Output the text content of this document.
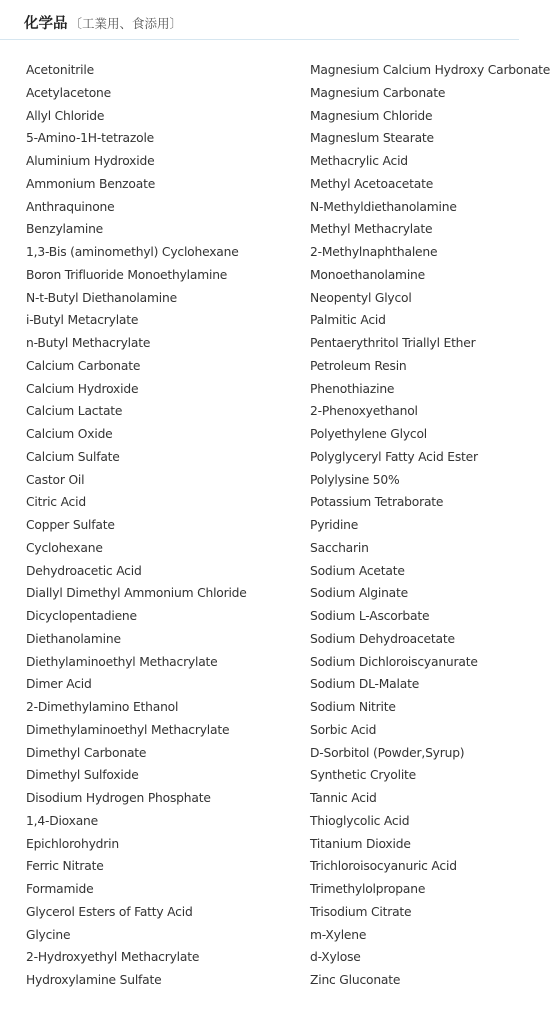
化学品 〔工業用、食添用〕
Acetonitrile
Acetylacetone
Allyl Chloride
5-Amino-1H-tetrazole
Aluminium Hydroxide
Ammonium Benzoate
Anthraquinone
Benzylamine
1,3-Bis (aminomethyl) Cyclohexane
Boron Trifluoride Monoethylamine
N-t-Butyl Diethanolamine
i-Butyl Metacrylate
n-Butyl Methacrylate
Calcium Carbonate
Calcium Hydroxide
Calcium Lactate
Calcium Oxide
Calcium Sulfate
Castor Oil
Citric Acid
Copper Sulfate
Cyclohexane
Dehydroacetic Acid
Diallyl Dimethyl Ammonium Chloride
Dicyclopentadiene
Diethanolamine
Diethylaminoethyl Methacrylate
Dimer Acid
2-Dimethylamino Ethanol
Dimethylaminoethyl Methacrylate
Dimethyl Carbonate
Dimethyl Sulfoxide
Disodium Hydrogen Phosphate
1,4-Dioxane
Epichlorohydrin
Ferric Nitrate
Formamide
Glycerol Esters of Fatty Acid
Glycine
2-Hydroxyethyl Methacrylate
Hydroxylamine Sulfate
Magnesium Calcium Hydroxy Carbonate
Magnesium Carbonate
Magnesium Chloride
Magneslum Stearate
Methacrylic Acid
Methyl Acetoacetate
N-Methyldiethanolamine
Methyl Methacrylate
2-Methylnaphthalene
Monoethanolamine
Neopentyl Glycol
Palmitic Acid
Pentaerythritol Triallyl Ether
Petroleum Resin
Phenothiazine
2-Phenoxyethanol
Polyethylene Glycol
Polyglyceryl Fatty Acid Ester
Polylysine 50%
Potassium Tetraborate
Pyridine
Saccharin
Sodium Acetate
Sodium Alginate
Sodium L-Ascorbate
Sodium Dehydroacetate
Sodium Dichloroiscyanurate
Sodium DL-Malate
Sodium Nitrite
Sorbic Acid
D-Sorbitol (Powder,Syrup)
Synthetic Cryolite
Tannic Acid
Thioglycolic Acid
Titanium Dioxide
Trichloroisocyanuric Acid
Trimethylolpropane
Trisodium Citrate
m-Xylene
d-Xylose
Zinc Gluconate
